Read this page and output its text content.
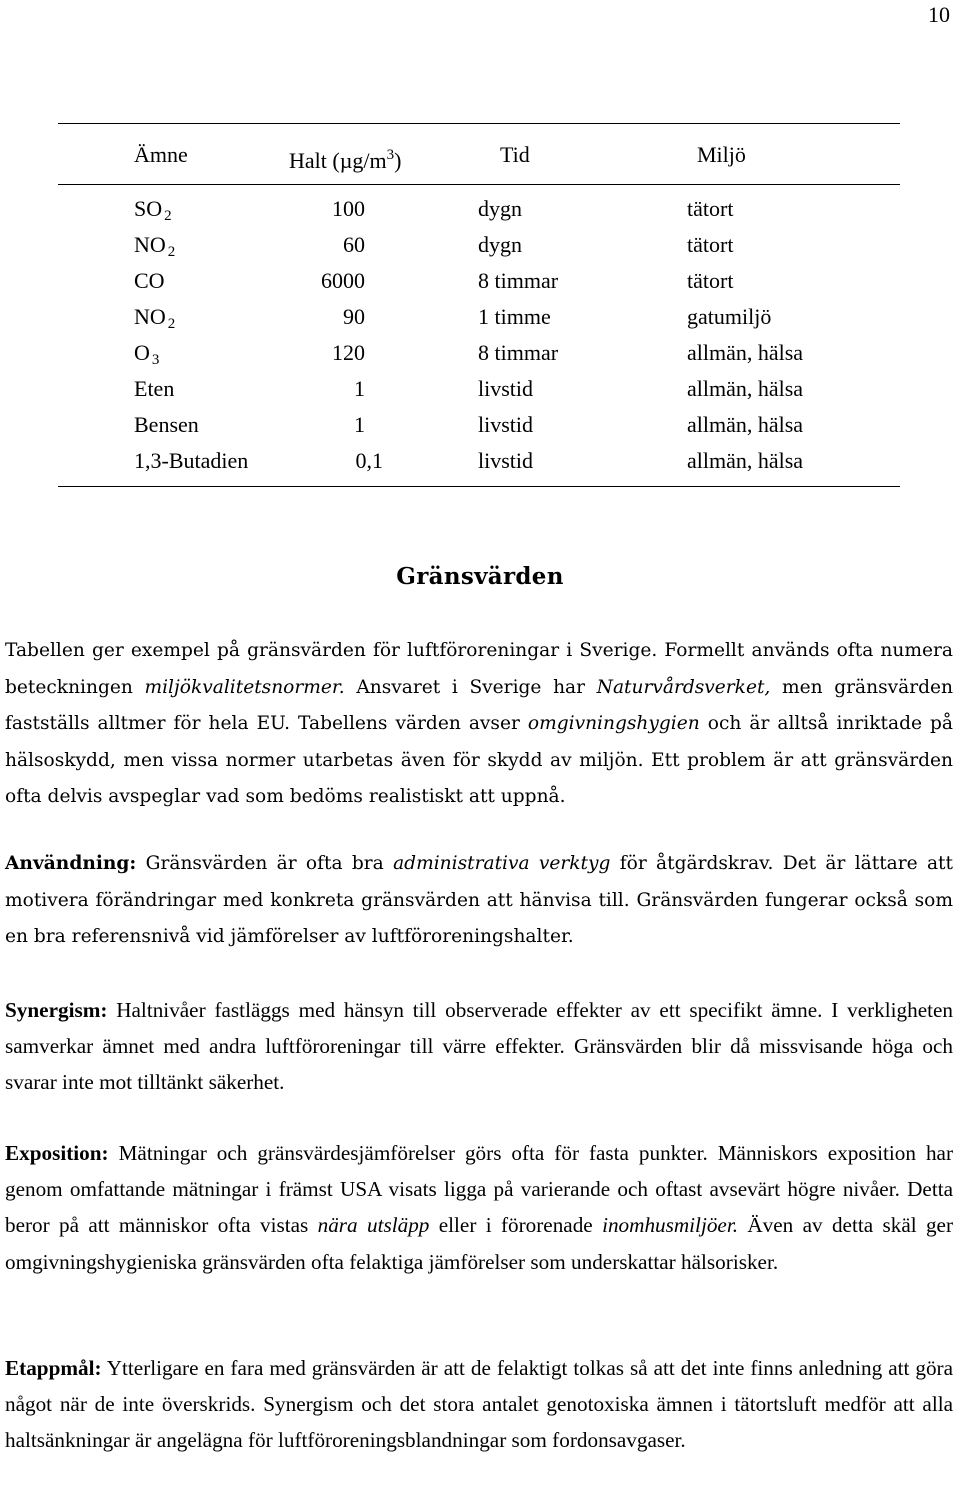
10
Ämne	Halt $(\mu g/m^3)$	Tid	Miljö
SO $_2$	100	dygn	tätort
NO $_2$	60	dygn	tätort
CO	6000	8 timmar	tätort
NO $_2$	90	1 timme	gatumiljö
O $_3$	120	8 timmar	allmän, hälsa
Eten	1	livstid	allmän, hälsa
Bensen	1	livstid	allmän, hälsa
1,3-Butadien	0,1	livstid	allmän, hälsa
Gränsvärden

Tabellen ger exempel på gränsvärden för luftföroreningar i Sverige. Formellt används ofta numera beteckningen miljökvalitetsnormer. Ansvaret i Sverige har Naturvårdsverket, men gränsvärden fastställs alltmer för hela EU. Tabellens värden avser omgivningshygien och är alltså inriktade på hälsoskydd, men vissa normer utarbetas även för skydd av miljön. Ett problem är att gränsvärden ofta delvis avspeglar vad som bedöms realistiskt att uppnå.

Användning: Gränsvärden är ofta bra administrativa verktyg för åtgärdskrav. Det är lättare att motivera förändringar med konkreta gränsvärden att hänvisa till. Gränsvärden fungerar också som en bra referensnivå vid jämförelser av luftföroreningshalter.

Synergism: Haltnivåer fastläggs med hänsyn till observerade effekter av ett specifikt ämne. I verkligheten samverkar ämnet med andra luftföroreningar till värre effekter. Gränsvärden blir då missvisande höga och svarar inte mot tilltänkt säkerhet.

Exposition: Mätningar och gränsvärdesjämförelser görs ofta för fasta punkter. Människors exposition har genom omfattande mätningar i främst USA visats ligga på varierande och oftast avsevärt högre nivåer. Detta beror på att människor ofta vistas nära utsläpp eller i förorenade inomhusmiljöer. Även av detta skäl ger omgivningshygieniska gränsvärden ofta felaktiga jämförelser som underskattar hälsorisker.

Etappmål: Ytterligare en fara med gränsvärden är att de felaktigt tolkas så att det inte finns anledning att göra något när de inte överskrids. Synergism och det stora antalet genotoxiska ämnen i tätortsluft medför att alla haltsänkningar är angelägna för luftföroreningsblandningar som fordonsavgaser.
